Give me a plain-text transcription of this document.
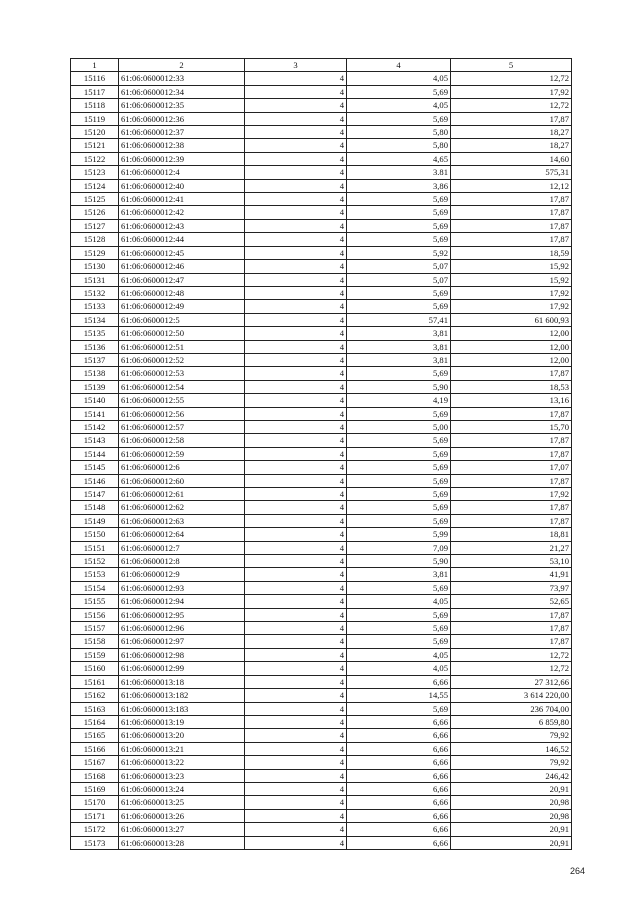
1	2	3	4	5
15116	61:06:0600012:33	4	4,05	12,72
15117	61:06:0600012:34	4	5,69	17,92
15118	61:06:0600012:35	4	4,05	12,72
15119	61:06:0600012:36	4	5,69	17,87
15120	61:06:0600012:37	4	5,80	18,27
15121	61:06:0600012:38	4	5,80	18,27
15122	61:06:0600012:39	4	4,65	14,60
15123	61:06:0600012:4	4	3.81	575,31
15124	61:06:0600012:40	4	3,86	12,12
15125	61:06:0600012:41	4	5,69	17,87
15126	61:06:0600012:42	4	5,69	17,87
15127	61:06:0600012:43	4	5,69	17,87
15128	61:06:0600012:44	4	5,69	17,87
15129	61:06:0600012:45	4	5,92	18,59
15130	61:06:0600012:46	4	5,07	15,92
15131	61:06:0600012:47	4	5,07	15,92
15132	61:06:0600012:48	4	5,69	17,92
15133	61:06:0600012:49	4	5,69	17,92
15134	61:06:0600012:5	4	57,41	61 600,93
15135	61:06:0600012:50	4	3,81	12,00
15136	61:06:0600012:51	4	3,81	12,00
15137	61:06:0600012:52	4	3,81	12,00
15138	61:06:0600012:53	4	5,69	17,87
15139	61:06:0600012:54	4	5,90	18,53
15140	61:06:0600012:55	4	4,19	13,16
15141	61:06:0600012:56	4	5,69	17,87
15142	61:06:0600012:57	4	5,00	15,70
15143	61:06:0600012:58	4	5,69	17,87
15144	61:06:0600012:59	4	5,69	17,87
15145	61:06:0600012:6	4	5,69	17,07
15146	61:06:0600012:60	4	5,69	17,87
15147	61:06:0600012:61	4	5,69	17,92
15148	61:06:0600012:62	4	5,69	17,87
15149	61:06:0600012:63	4	5,69	17,87
15150	61:06:0600012:64	4	5,99	18,81
15151	61:06:0600012:7	4	7,09	21,27
15152	61:06:0600012:8	4	5,90	53,10
15153	61:06:0600012:9	4	3,81	41,91
15154	61:06:0600012:93	4	5,69	73,97
15155	61:06:0600012:94	4	4,05	52,65
15156	61:06:0600012:95	4	5,69	17,87
15157	61:06:0600012:96	4	5,69	17,87
15158	61:06:0600012:97	4	5,69	17,87
15159	61:06:0600012:98	4	4,05	12,72
15160	61:06:0600012:99	4	4,05	12,72
15161	61:06:0600013:18	4	6,66	27 312,66
15162	61:06:0600013:182	4	14,55	3 614 220,00
15163	61:06:0600013:183	4	5,69	236 704,00
15164	61:06:0600013:19	4	6,66	6 859,80
15165	61:06:0600013:20	4	6,66	79,92
15166	61:06:0600013:21	4	6,66	146,52
15167	61:06:0600013:22	4	6,66	79,92
15168	61:06:0600013:23	4	6,66	246,42
15169	61:06:0600013:24	4	6,66	20,91
15170	61:06:0600013:25	4	6,66	20,98
15171	61:06:0600013:26	4	6,66	20,98
15172	61:06:0600013:27	4	6,66	20,91
15173	61:06:0600013:28	4	6,66	20,91
264
